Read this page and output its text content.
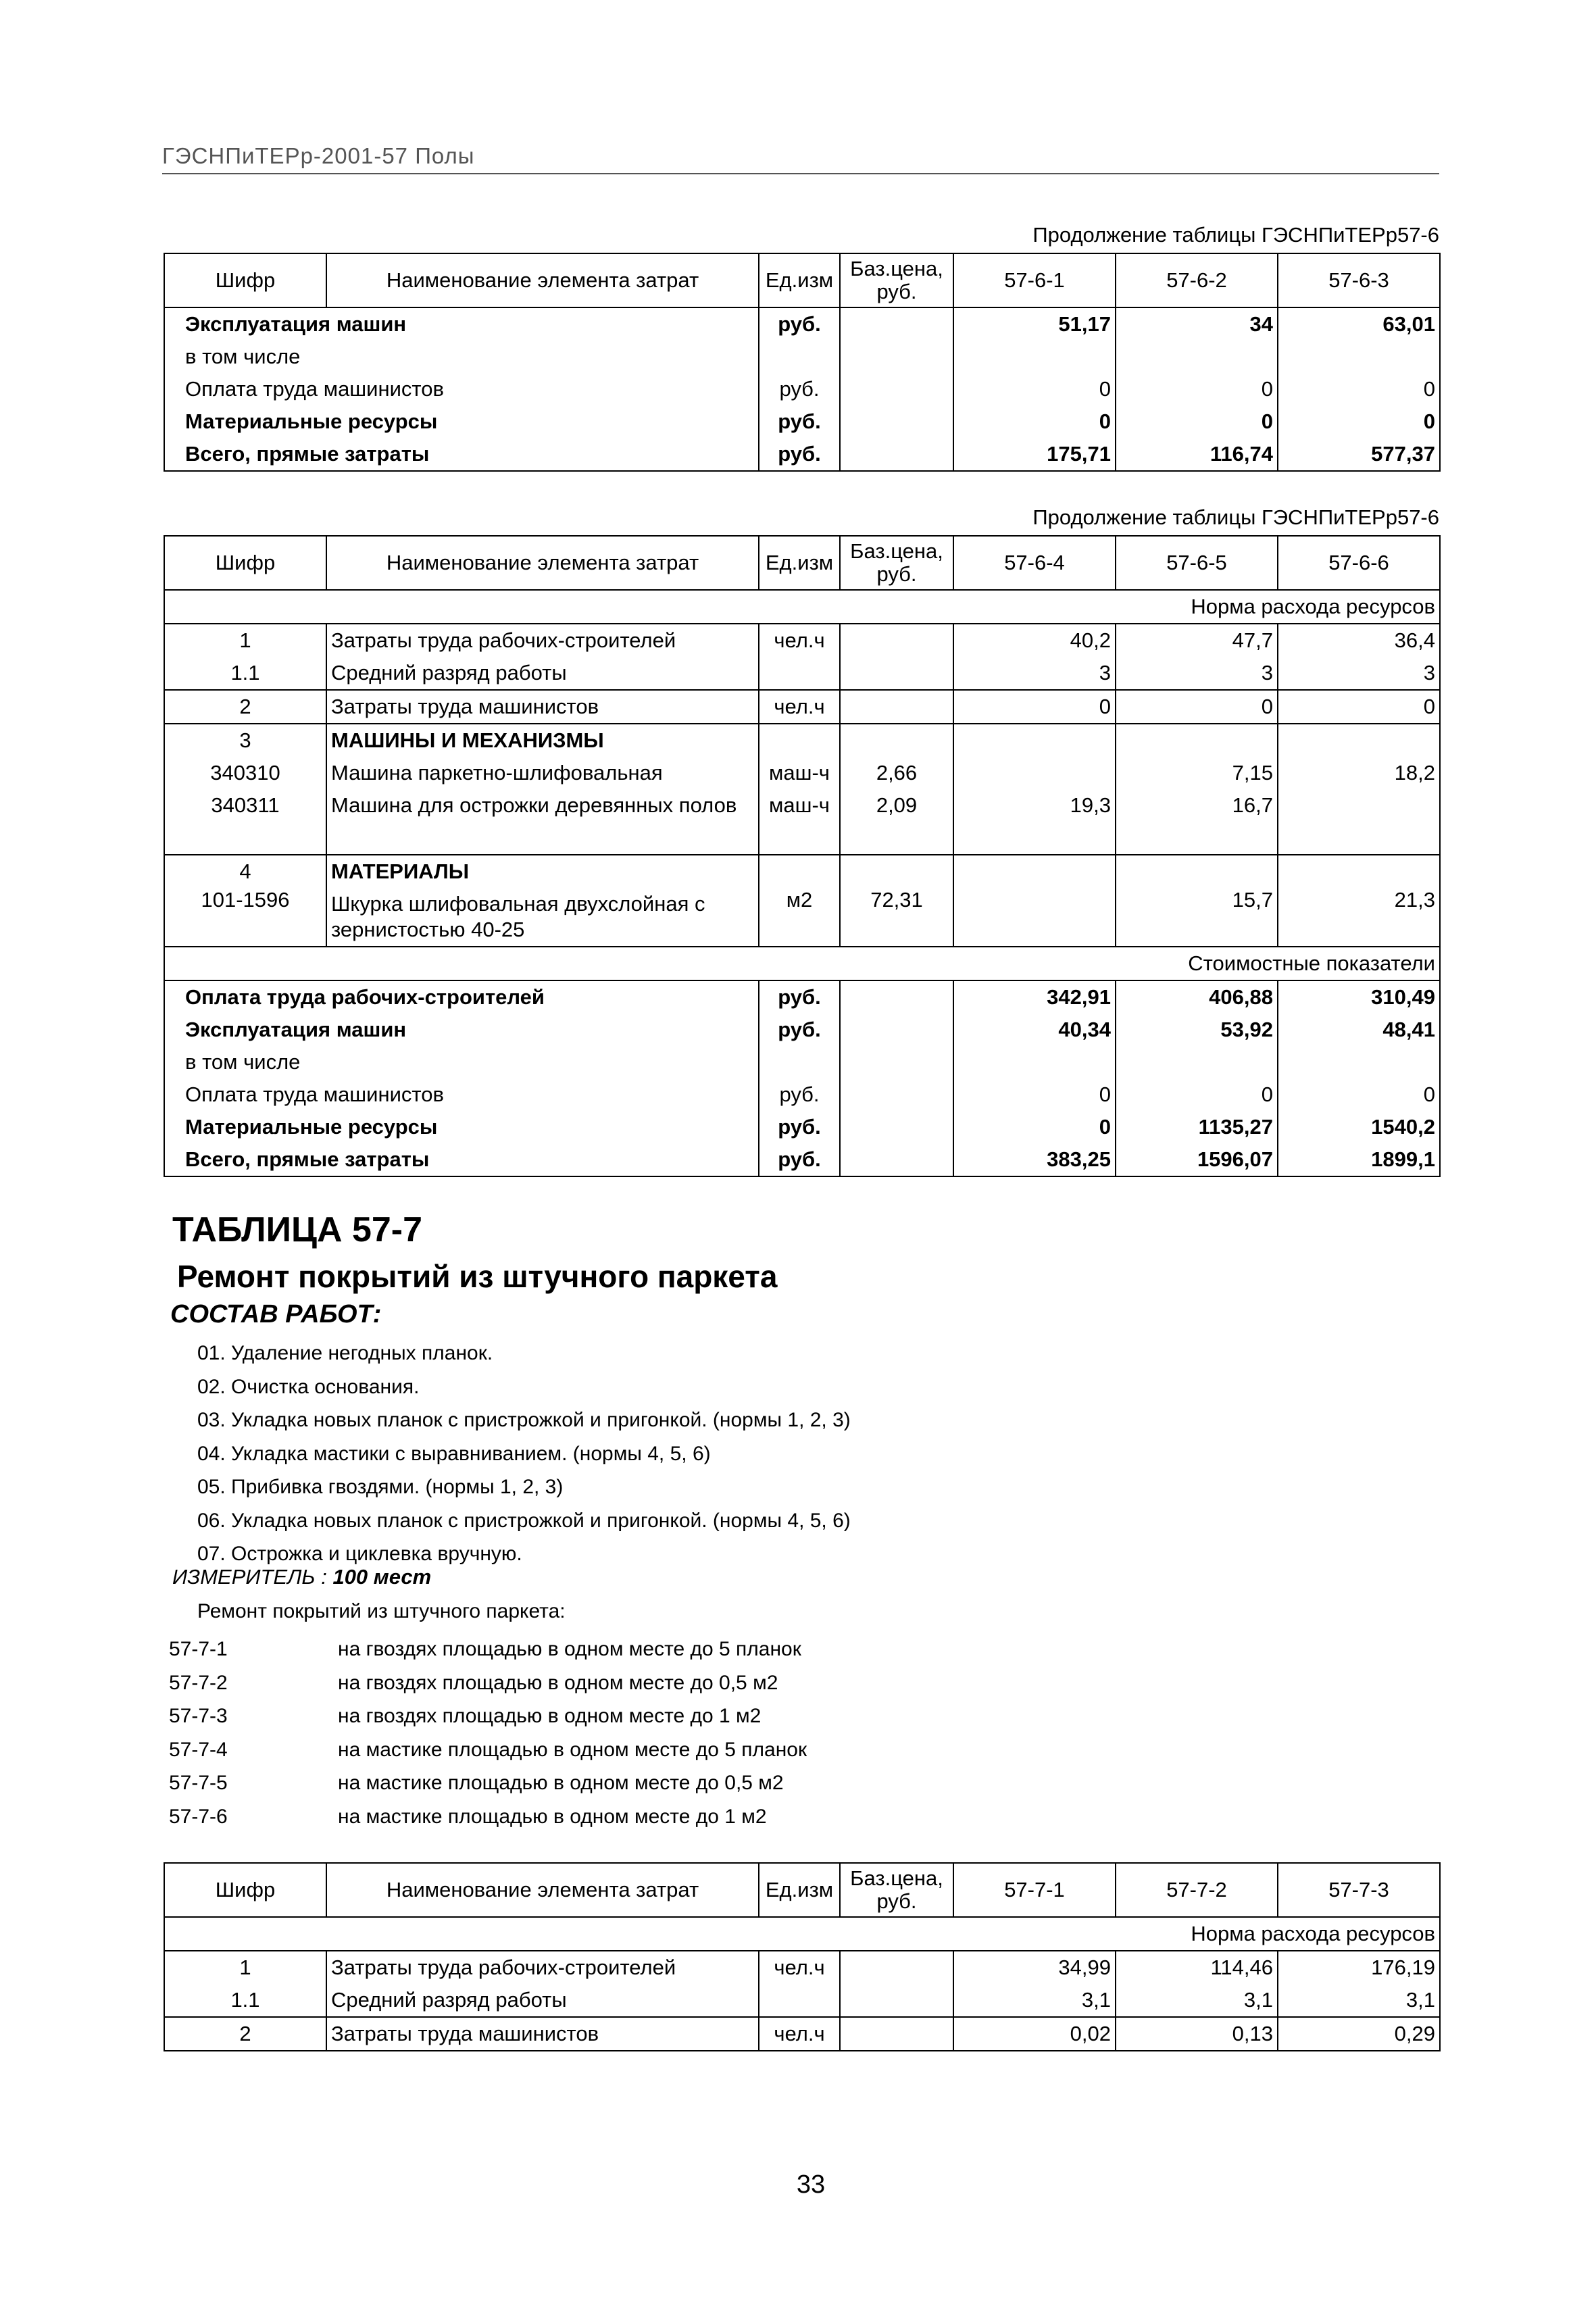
ГЭСНПиТЕРр-2001-57 Полы
Продолжение таблицы ГЭСНПиТЕРр57-6
Шифр	Наименование элемента затрат	Ед.изм	Баз.цена, руб.	57-6-1	57-6-2	57-6-3
Эксплуатация машин		руб.		51,17	34	63,01
в том числе						
Оплата труда машинистов		руб.		0	0	0
Материальные ресурсы		руб.		0	0	0
Всего, прямые затраты		руб.		175,71	116,74	577,37
Продолжение таблицы ГЭСНПиТЕРр57-6
Шифр	Наименование элемента затрат	Ед.изм	Баз.цена, руб.	57-6-4	57-6-5	57-6-6
Норма расхода ресурсов						
1	Затраты труда рабочих-строителей	чел.ч		40,2	47,7	36,4
1.1	Средний разряд работы			3	3	3
2	Затраты труда машинистов	чел.ч		0	0	0
3	МАШИНЫ И МЕХАНИЗМЫ					
340310	Машина паркетно-шлифовальная	маш-ч	2,66		7,15	18,2
340311	Машина для острожки деревянных полов	маш-ч	2,09	19,3	16,7	

4	МАТЕРИАЛЫ					
101-1596	Шкурка шлифовальная двухслойная с зернистостью 40-25	м2	72,31		15,7	21,3
Стоимостные показатели						
Оплата труда рабочих-строителей		руб.		342,91	406,88	310,49
Эксплуатация машин		руб.		40,34	53,92	48,41
в том числе						
Оплата труда машинистов		руб.		0	0	0
Материальные ресурсы		руб.		0	1135,27	1540,2
Всего, прямые затраты		руб.		383,25	1596,07	1899,1
ТАБЛИЦА 57-7
Ремонт покрытий из штучного паркета
СОСТАВ РАБОТ:
01. Удаление негодных планок.
02. Очистка основания.
03. Укладка новых планок с пристрожкой и пригонкой. (нормы 1, 2, 3)
04. Укладка мастики с выравниванием. (нормы 4, 5, 6)
05. Прибивка гвоздями. (нормы 1, 2, 3)
06. Укладка новых планок с пристрожкой и пригонкой. (нормы 4, 5, 6)
07. Острожка и циклевка вручную.
ИЗМЕРИТЕЛЬ : 100 мест
Ремонт покрытий из штучного паркета:
57-7-1	на гвоздях площадью в одном месте до 5 планок
57-7-2	на гвоздях площадью в одном месте до 0,5 м2
57-7-3	на гвоздях площадью в одном месте до 1 м2
57-7-4	на мастике площадью в одном месте до 5 планок
57-7-5	на мастике площадью в одном месте до 0,5 м2
57-7-6	на мастике площадью в одном месте до 1 м2
Шифр	Наименование элемента затрат	Ед.изм	Баз.цена, руб.	57-7-1	57-7-2	57-7-3
Норма расхода ресурсов						
1	Затраты труда рабочих-строителей	чел.ч		34,99	114,46	176,19
1.1	Средний разряд работы			3,1	3,1	3,1
2	Затраты труда машинистов	чел.ч		0,02	0,13	0,29
33
